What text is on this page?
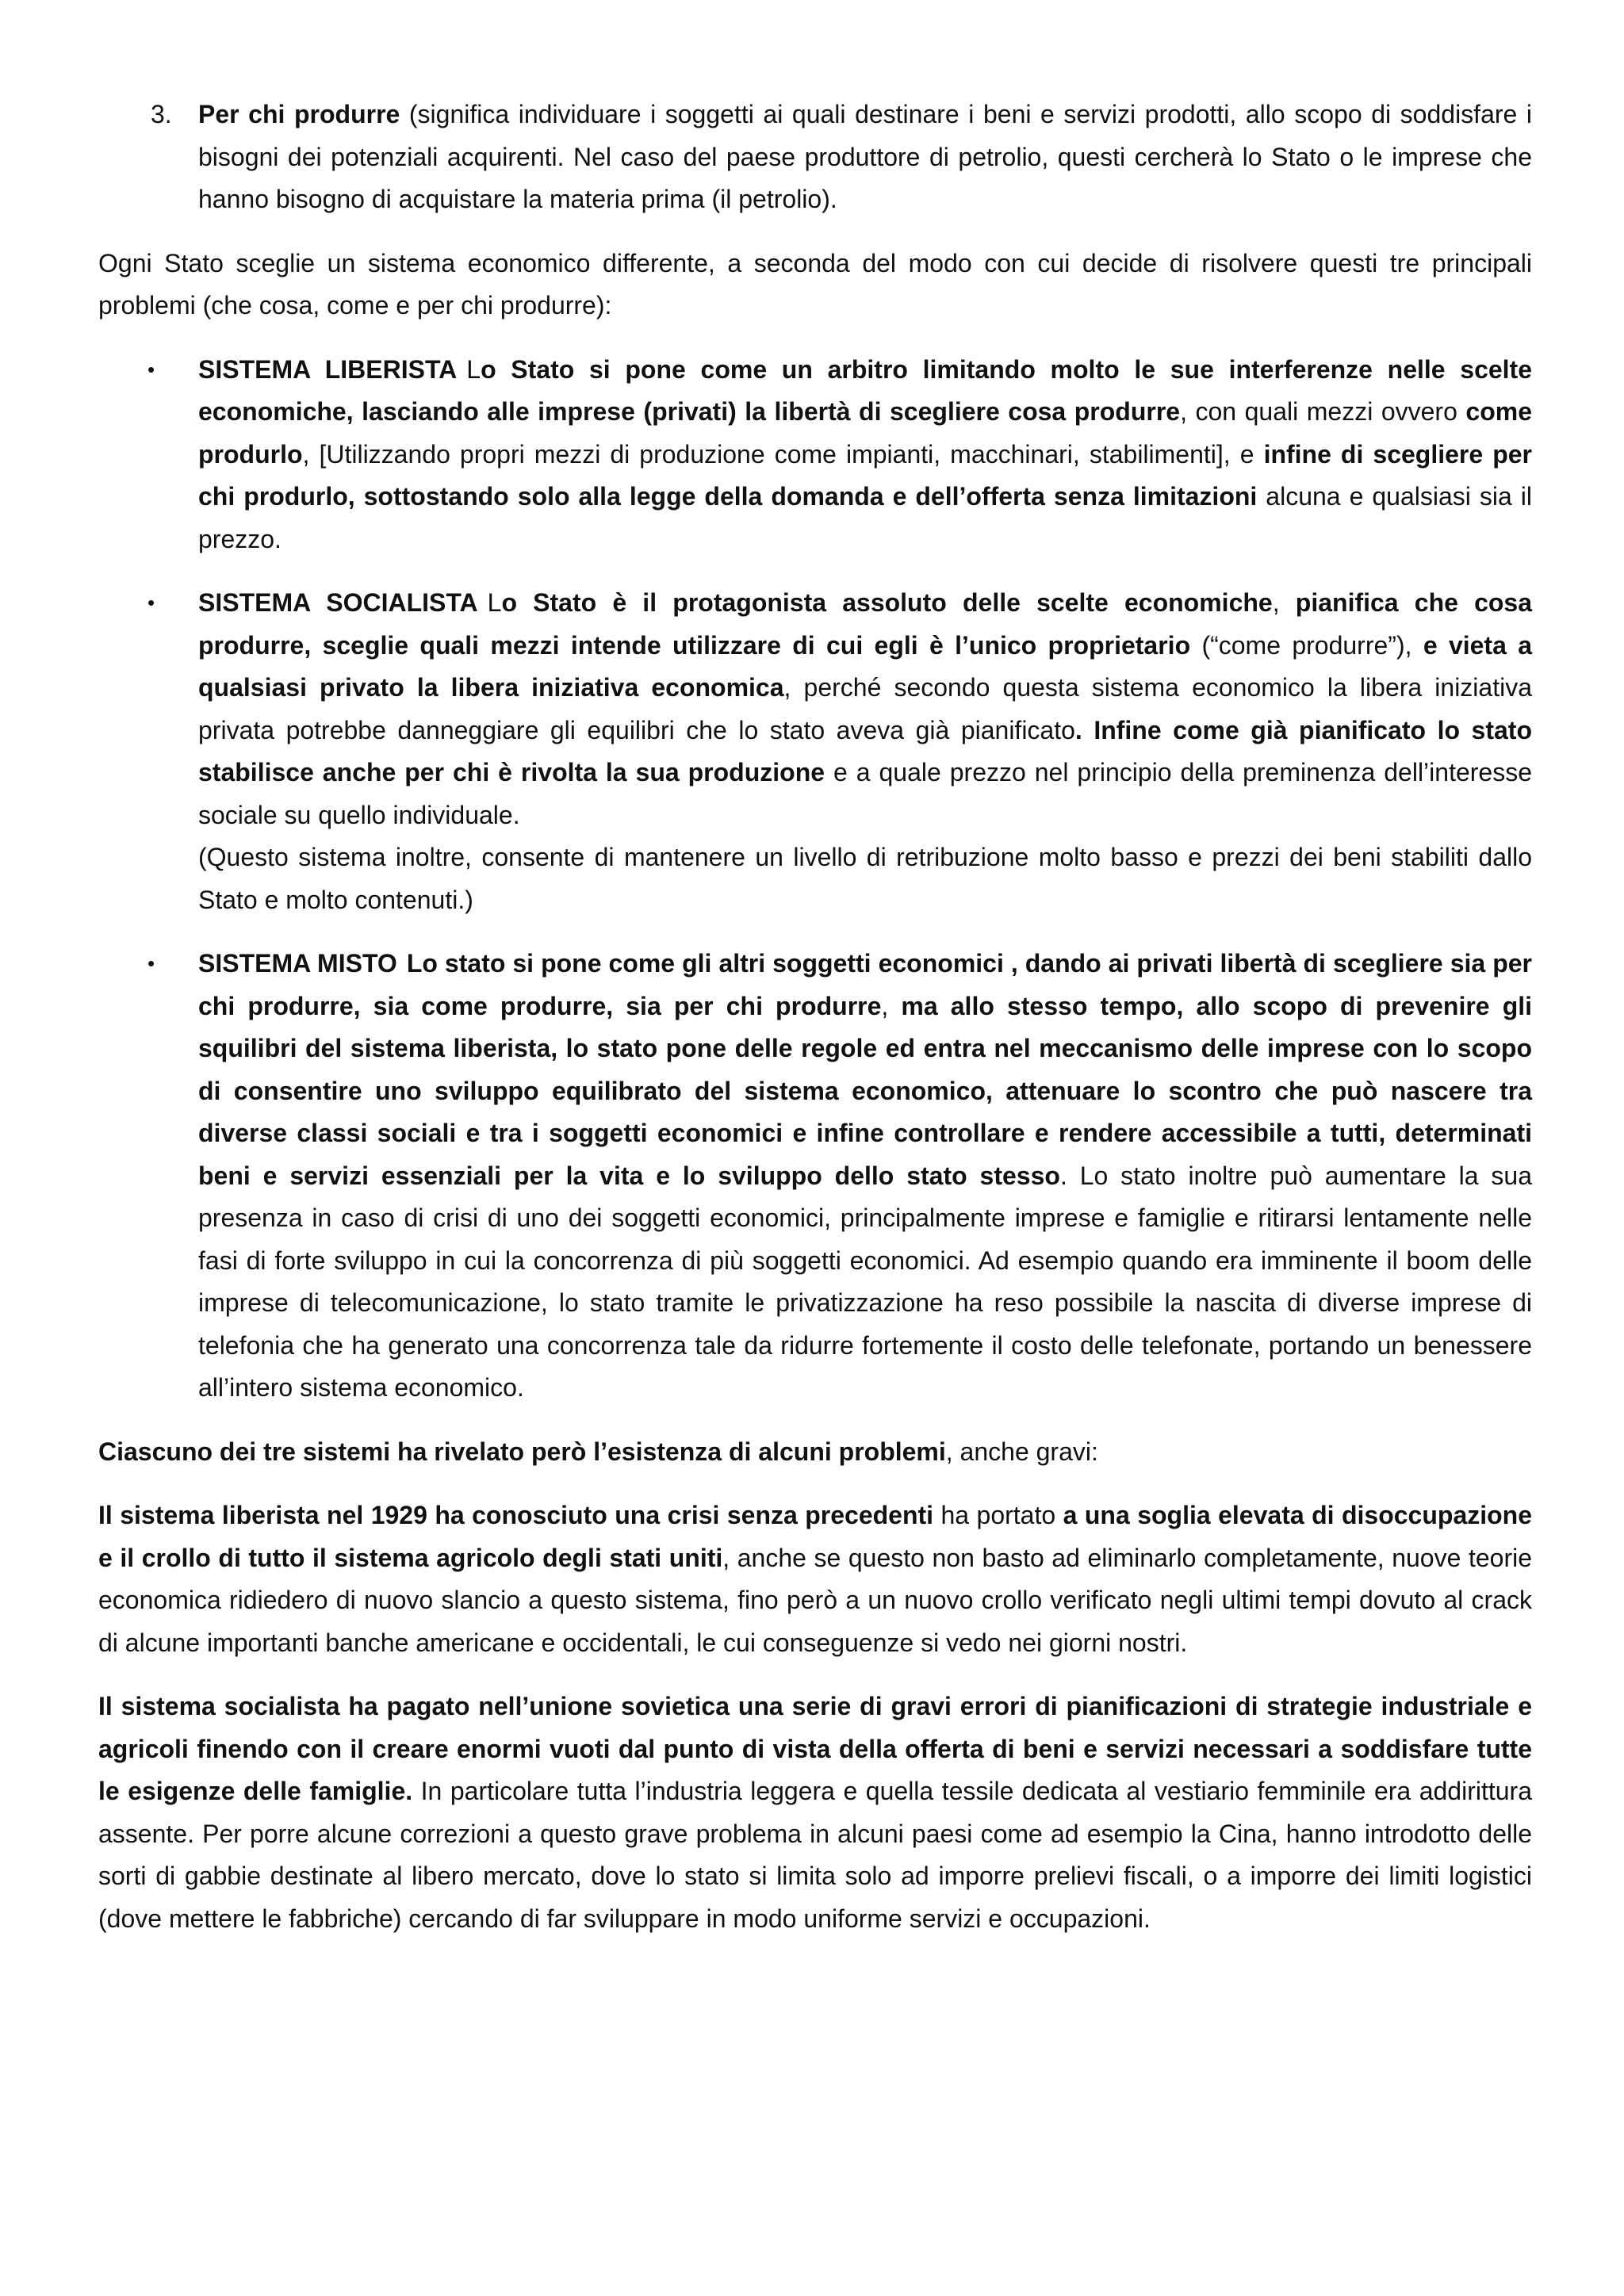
3. Per chi produrre (significa individuare i soggetti ai quali destinare i beni e servizi prodotti, allo scopo di soddisfare i bisogni dei potenziali acquirenti. Nel caso del paese produttore di petrolio, questi cercherà lo Stato o le imprese che hanno bisogno di acquistare la materia prima (il petrolio).

Ogni Stato sceglie un sistema economico differente, a seconda del modo con cui decide di risolvere questi tre principali problemi (che cosa, come e per chi produrre):

• SISTEMA LIBERISTA Lo Stato si pone come un arbitro limitando molto le sue interferenze nelle scelte economiche, lasciando alle imprese (privati) la libertà di scegliere cosa produrre, con quali mezzi ovvero come produrlo, [Utilizzando propri mezzi di produzione come impianti, macchinari, stabilimenti], e infine di scegliere per chi produrlo, sottostando solo alla legge della domanda e dell’offerta senza limitazioni alcuna e qualsiasi sia il prezzo.
• SISTEMA SOCIALISTA Lo Stato è il protagonista assoluto delle scelte economiche, pianifica che cosa produrre, sceglie quali mezzi intende utilizzare di cui egli è l’unico proprietario (“come produrre”), e vieta a qualsiasi privato la libera iniziativa economica, perché secondo questa sistema economico la libera iniziativa privata potrebbe danneggiare gli equilibri che lo stato aveva già pianificato. Infine come già pianificato lo stato stabilisce anche per chi è rivolta la sua produzione e a quale prezzo nel principio della preminenza dell’interesse sociale su quello individuale.
(Questo sistema inoltre, consente di mantenere un livello di retribuzione molto basso e prezzi dei beni stabiliti dallo Stato e molto contenuti.)
• SISTEMA MISTO Lo stato si pone come gli altri soggetti economici , dando ai privati libertà di scegliere sia per chi produrre, sia come produrre, sia per chi produrre, ma allo stesso tempo, allo scopo di prevenire gli squilibri del sistema liberista, lo stato pone delle regole ed entra nel meccanismo delle imprese con lo scopo di consentire uno sviluppo equilibrato del sistema economico, attenuare lo scontro che può nascere tra diverse classi sociali e tra i soggetti economici e infine controllare e rendere accessibile a tutti, determinati beni e servizi essenziali per la vita e lo sviluppo dello stato stesso. Lo stato inoltre può aumentare la sua presenza in caso di crisi di uno dei soggetti economici, principalmente imprese e famiglie e ritirarsi lentamente nelle fasi di forte sviluppo in cui la concorrenza di più soggetti economici. Ad esempio quando era imminente il boom delle imprese di telecomunicazione, lo stato tramite le privatizzazione ha reso possibile la nascita di diverse imprese di telefonia che ha generato una concorrenza tale da ridurre fortemente il costo delle telefonate, portando un benessere all’intero sistema economico.

Ciascuno dei tre sistemi ha rivelato però l’esistenza di alcuni problemi, anche gravi:

Il sistema liberista nel 1929 ha conosciuto una crisi senza precedenti ha portato a una soglia elevata di disoccupazione e il crollo di tutto il sistema agricolo degli stati uniti, anche se questo non basto ad eliminarlo completamente, nuove teorie economica ridiedero di nuovo slancio a questo sistema, fino però a un nuovo crollo verificato negli ultimi tempi dovuto al crack di alcune importanti banche americane e occidentali, le cui conseguenze si vedo nei giorni nostri.

Il sistema socialista ha pagato nell’unione sovietica una serie di gravi errori di pianificazioni di strategie industriale e agricoli finendo con il creare enormi vuoti dal punto di vista della offerta di beni e servizi necessari a soddisfare tutte le esigenze delle famiglie. In particolare tutta l’industria leggera e quella tessile dedicata al vestiario femminile era addirittura assente. Per porre alcune correzioni a questo grave problema in alcuni paesi come ad esempio la Cina, hanno introdotto delle sorti di gabbie destinate al libero mercato, dove lo stato si limita solo ad imporre prelievi fiscali, o a imporre dei limiti logistici (dove mettere le fabbriche) cercando di far sviluppare in modo uniforme servizi e occupazioni.
